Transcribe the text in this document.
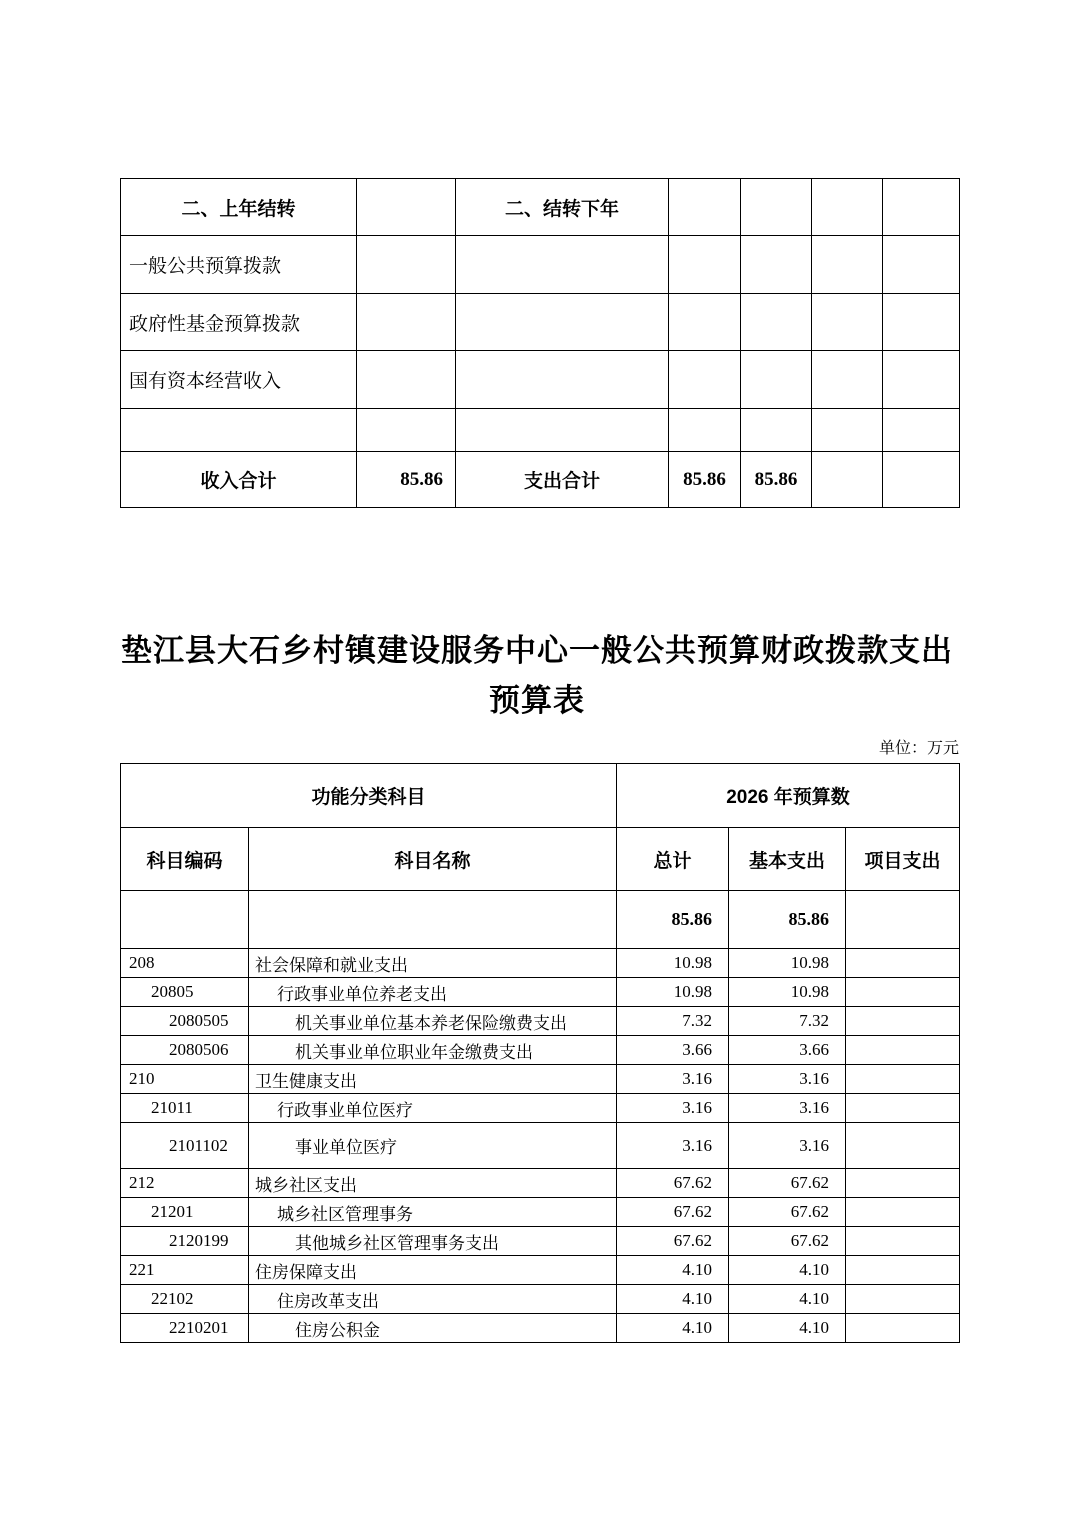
二、上年结转		二、结转下年				
一般公共预算拨款						
政府性基金预算拨款						
国有资本经营收入						

收入合计	85.86	支出合计	85.86	85.86		
垫江县大石乡村镇建设服务中心一般公共预算财政拨款支出
预算表
单位：万元
功能分类科目		2026 年预算数		
科目编码	科目名称	总计	基本支出	项目支出
		85.86	85.86	
208	社会保障和就业支出	10.98	10.98	
20805	行政事业单位养老支出	10.98	10.98	
2080505	机关事业单位基本养老保险缴费支出	7.32	7.32	
2080506	机关事业单位职业年金缴费支出	3.66	3.66	
210	卫生健康支出	3.16	3.16	
21011	行政事业单位医疗	3.16	3.16	
2101102	事业单位医疗	3.16	3.16	
212	城乡社区支出	67.62	67.62	
21201	城乡社区管理事务	67.62	67.62	
2120199	其他城乡社区管理事务支出	67.62	67.62	
221	住房保障支出	4.10	4.10	
22102	住房改革支出	4.10	4.10	
2210201	住房公积金	4.10	4.10	
